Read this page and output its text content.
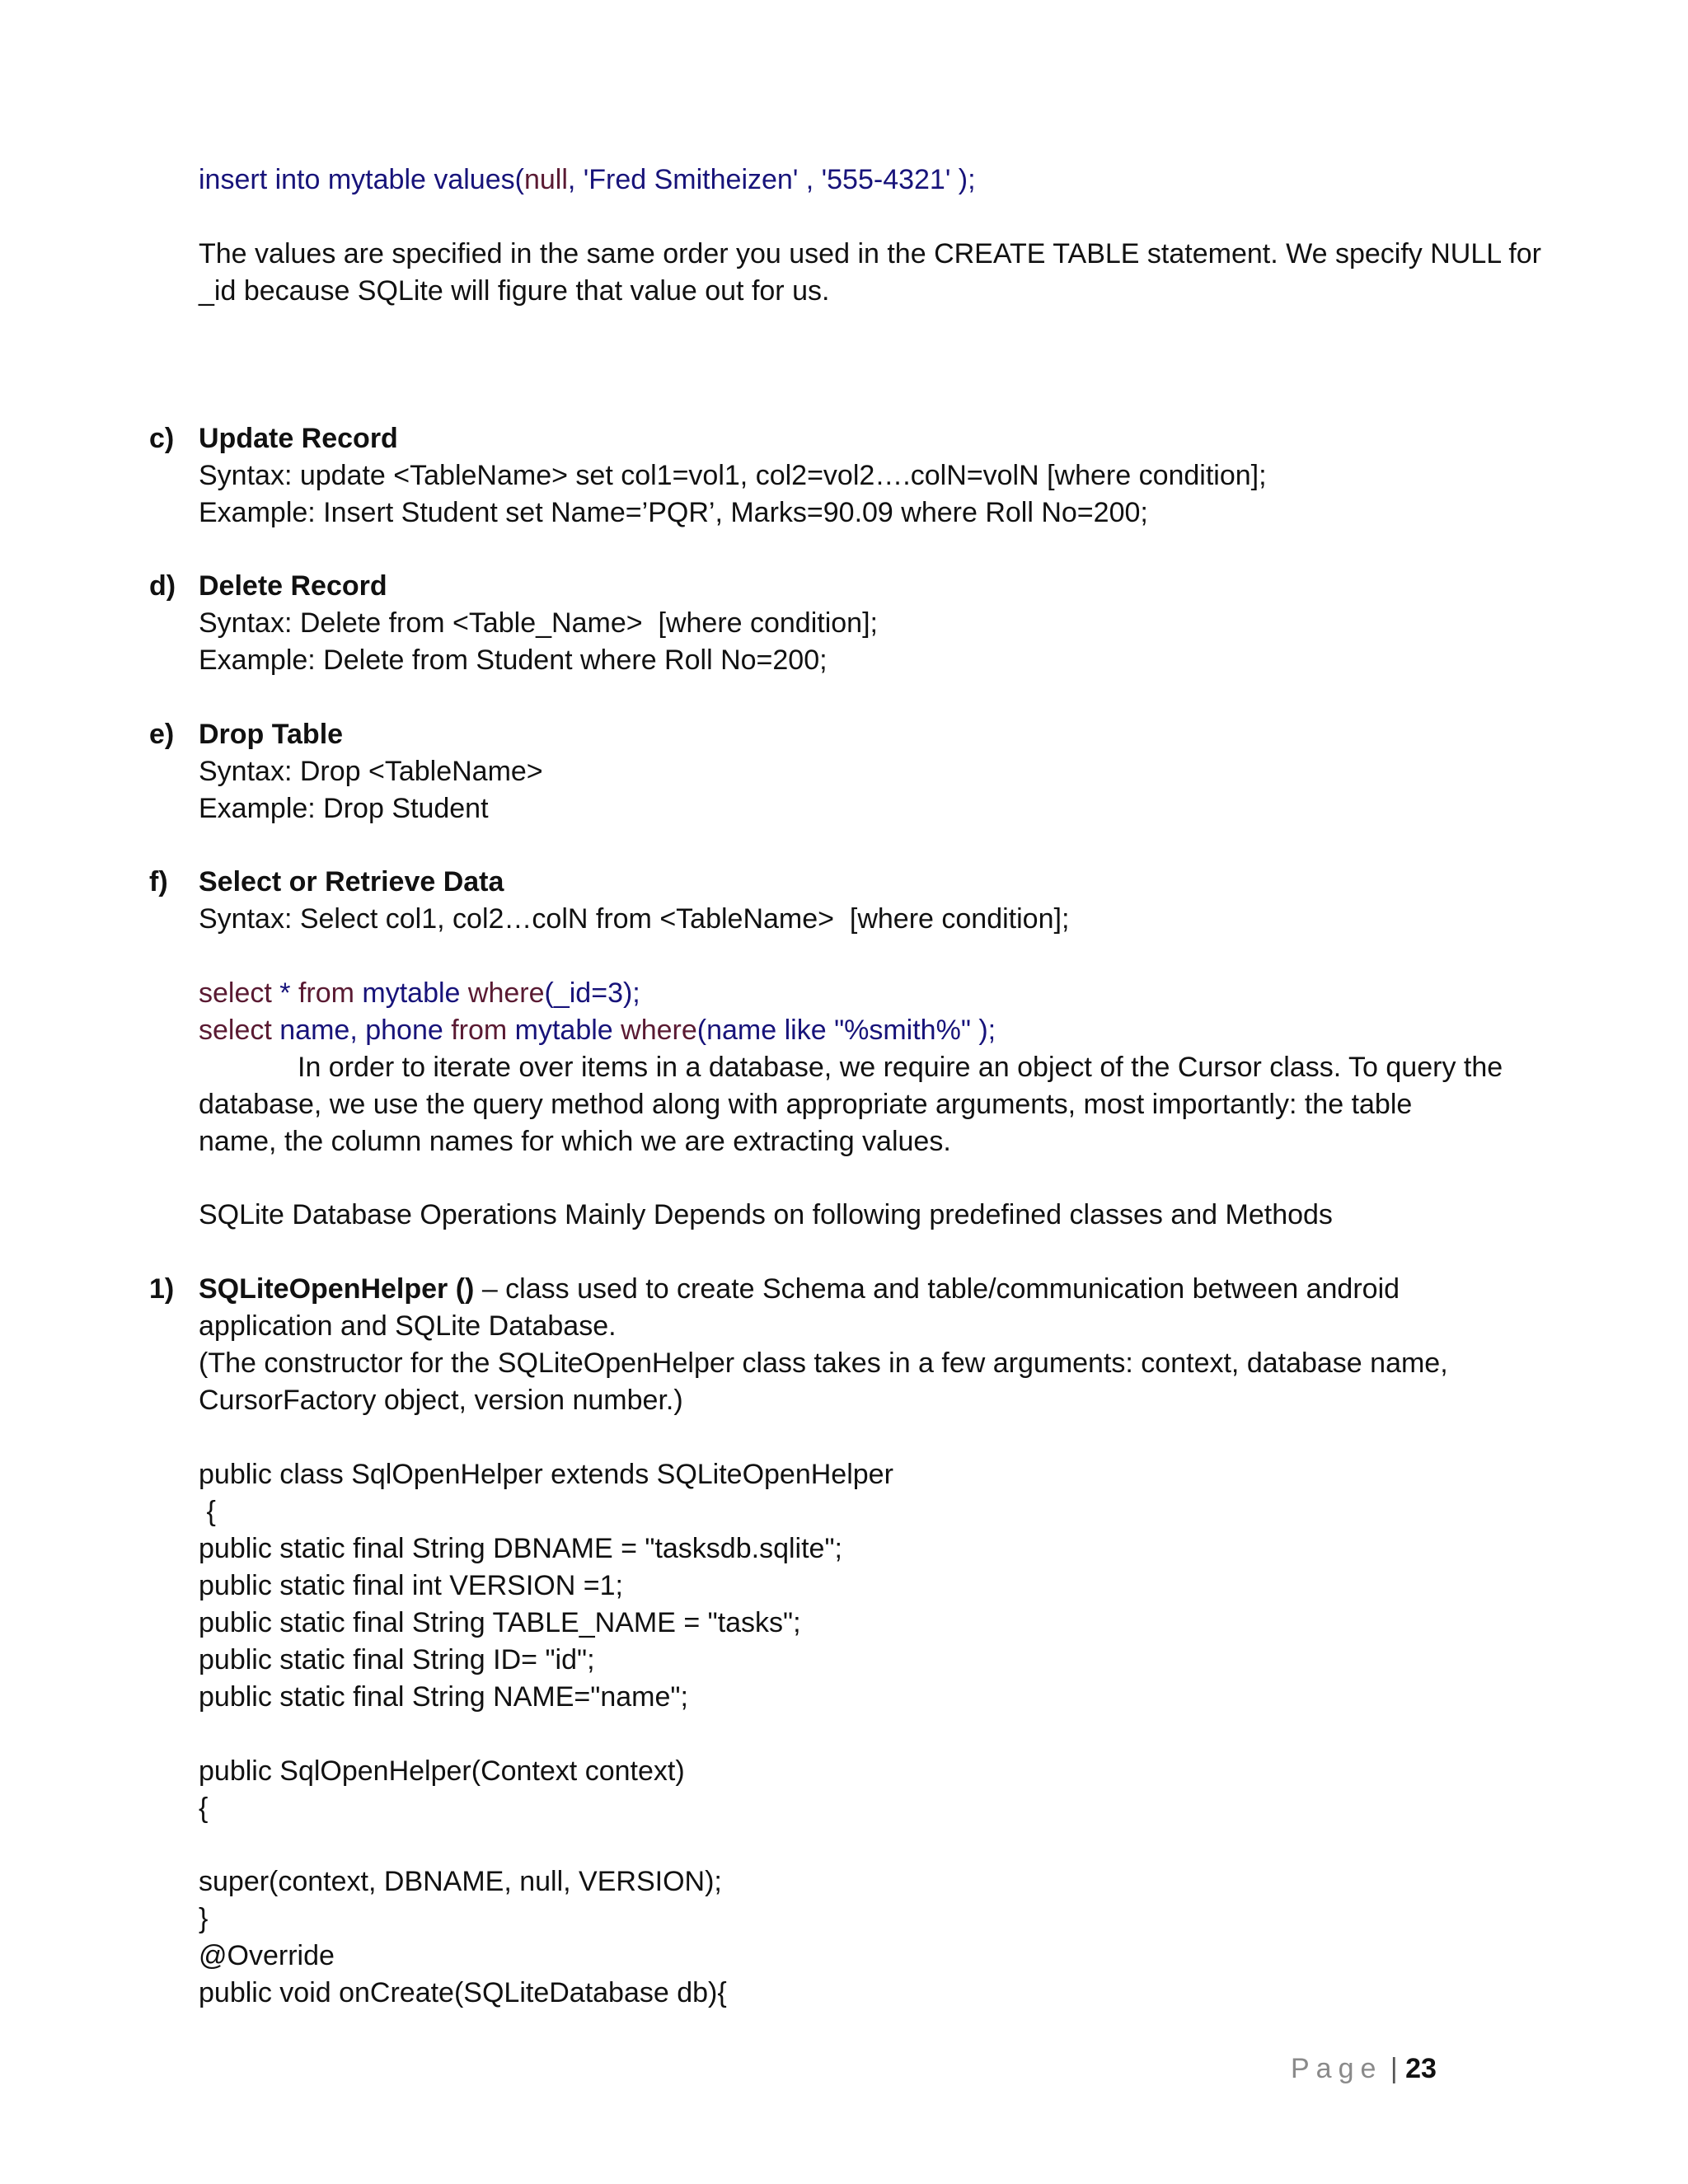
insert into mytable values(null, 'Fred Smitheizen' , '555-4321' );

The values are specified in the same order you used in the CREATE TABLE statement. We specify NULL for

_id because SQLite will figure that value out for us.

c) Update Record

Syntax: update <TableName> set col1=vol1, col2=vol2….colN=volN [where condition];

Example: Insert Student set Name=’PQR’, Marks=90.09 where Roll No=200;

d) Delete Record

Syntax: Delete from <Table_Name>  [where condition];

Example: Delete from Student where Roll No=200;

e) Drop Table

Syntax: Drop <TableName>

Example: Drop Student

f) Select or Retrieve Data

Syntax: Select col1, col2…colN from <TableName>  [where condition];

select * from mytable where(_id=3);

select name, phone from mytable where(name like "%smith%" );

In order to iterate over items in a database, we require an object of the Cursor class. To query the

database, we use the query method along with appropriate arguments, most importantly: the table

name, the column names for which we are extracting values.

SQLite Database Operations Mainly Depends on following predefined classes and Methods

1) SQLiteOpenHelper () – class used to create Schema and table/communication between android

application and SQLite Database.

(The constructor for the SQLiteOpenHelper class takes in a few arguments: context, database name,

CursorFactory object, version number.)

public class SqlOpenHelper extends SQLiteOpenHelper

{

public static final String DBNAME = "tasksdb.sqlite";

public static final int VERSION =1;

public static final String TABLE_NAME = "tasks";

public static final String ID= "id";

public static final String NAME="name";

public SqlOpenHelper(Context context)

{

super(context, DBNAME, null, VERSION);

}

@Override

public void onCreate(SQLiteDatabase db){

Page | 23
